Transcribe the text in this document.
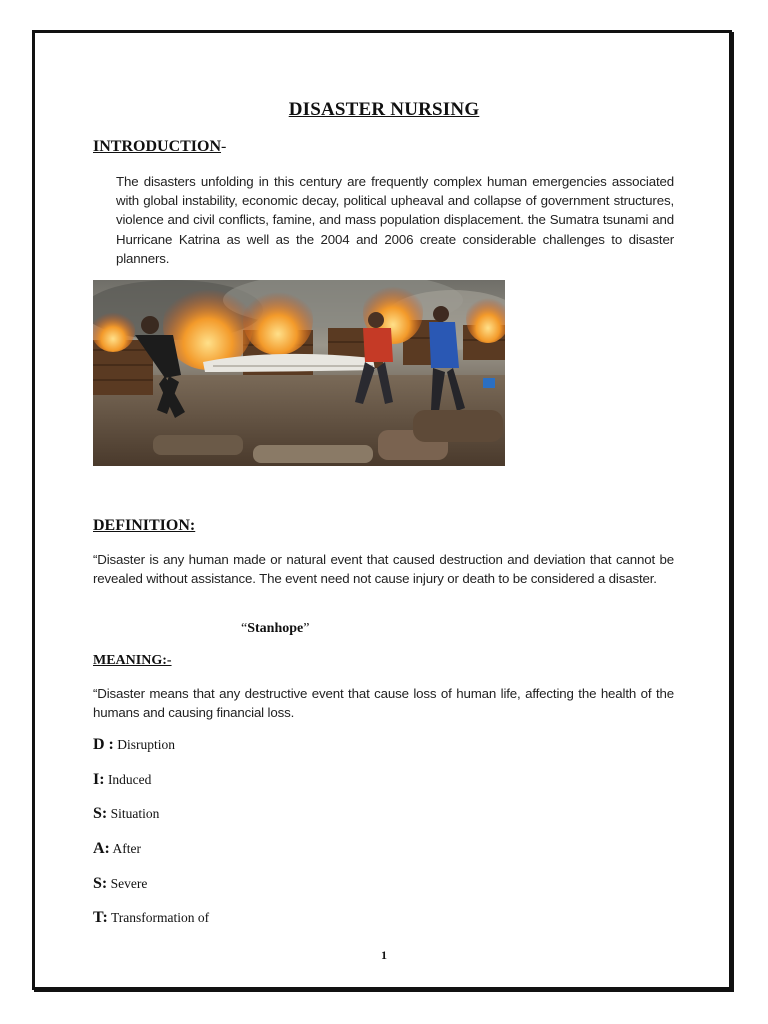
DISASTER NURSING
INTRODUCTION-
The disasters unfolding in this century are frequently complex human emergencies associated with global instability, economic decay, political upheaval and collapse of government structures, violence and civil conflicts, famine, and mass population displacement. the Sumatra tsunami and Hurricane Katrina as well as the 2004 and 2006 create considerable challenges to disaster planners.
DEFINITION:
“Disaster is any human made or natural event that caused destruction and deviation that cannot be revealed without assistance. The event need not cause injury or death to be considered a disaster.
“Stanhope”
MEANING:-
“Disaster means that any destructive event that cause loss of human life, affecting the health of the humans and causing financial loss.
D : Disruption
I: Induced
S: Situation
A: After
S: Severe
T: Transformation of
1
